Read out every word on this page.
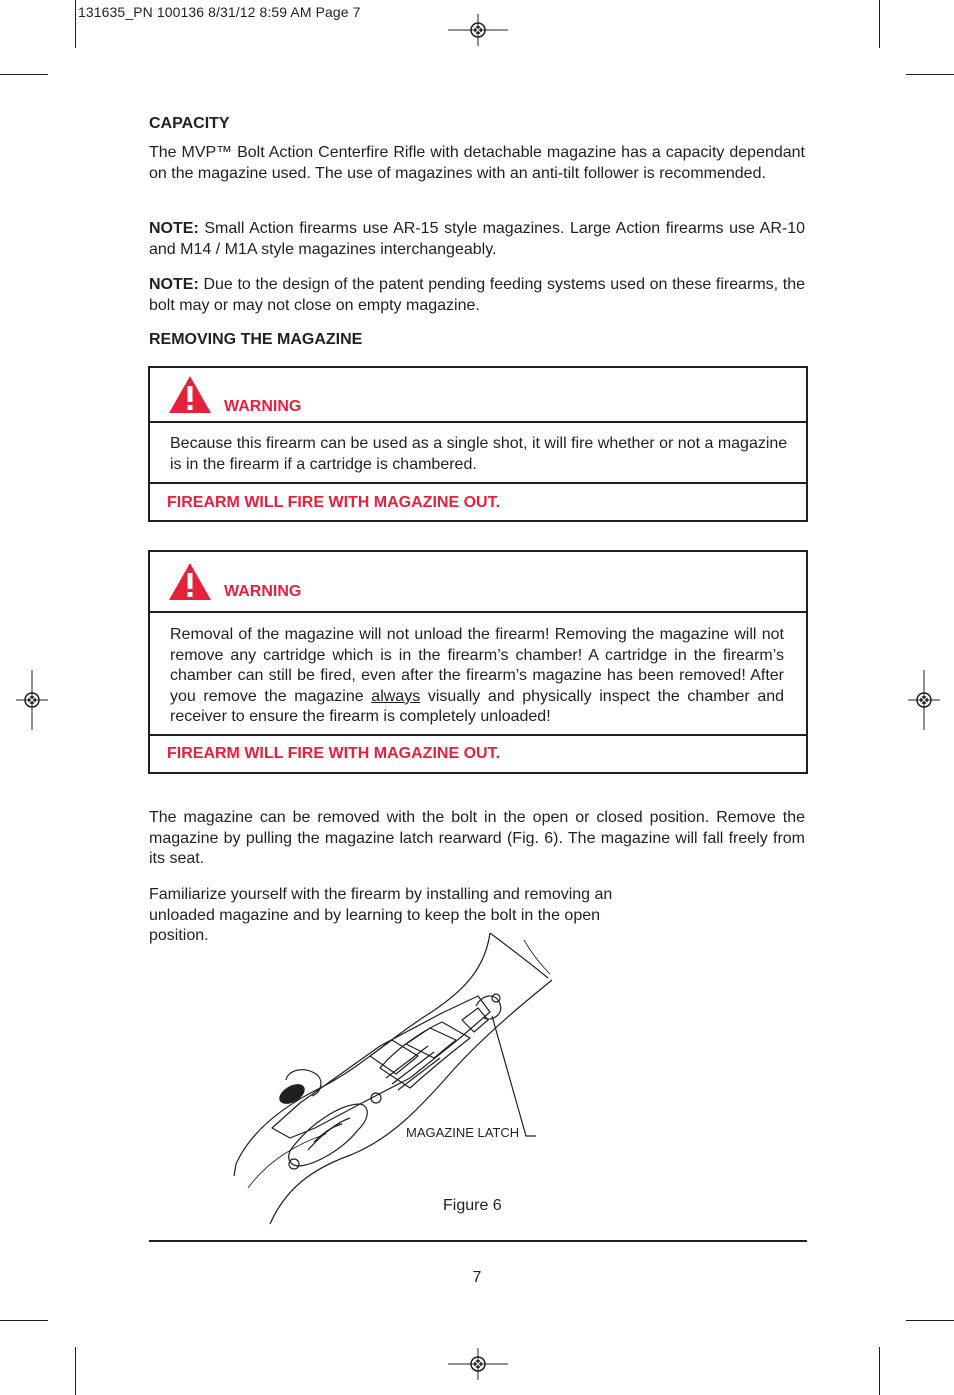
131635_PN 100136 8/31/12 8:59 AM Page 7
CAPACITY
The MVP™ Bolt Action Centerfire Rifle with detachable magazine has a capacity dependant on the magazine used. The use of magazines with an anti-tilt follower is recommended.
NOTE: Small Action firearms use AR-15 style magazines. Large Action firearms use AR-10 and M14 / M1A style magazines interchangeably.
NOTE: Due to the design of the patent pending feeding systems used on these firearms, the bolt may or may not close on empty magazine.
REMOVING THE MAGAZINE
WARNING
Because this firearm can be used as a single shot, it will fire whether or not a magazine is in the firearm if a cartridge is chambered.
FIREARM WILL FIRE WITH MAGAZINE OUT.
WARNING
Removal of the magazine will not unload the firearm! Removing the magazine will not remove any cartridge which is in the firearm’s chamber! A cartridge in the firearm’s chamber can still be fired, even after the firearm’s magazine has been removed! After you remove the magazine always visually and physically inspect the chamber and receiver to ensure the firearm is completely unloaded!
FIREARM WILL FIRE WITH MAGAZINE OUT.
The magazine can be removed with the bolt in the open or closed position. Remove the magazine by pulling the magazine latch rearward (Fig. 6). The magazine will fall freely from its seat.
Familiarize yourself with the firearm by installing and removing an
unloaded magazine and by learning to keep the bolt in the open
position.
MAGAZINE LATCH
Figure 6
7
